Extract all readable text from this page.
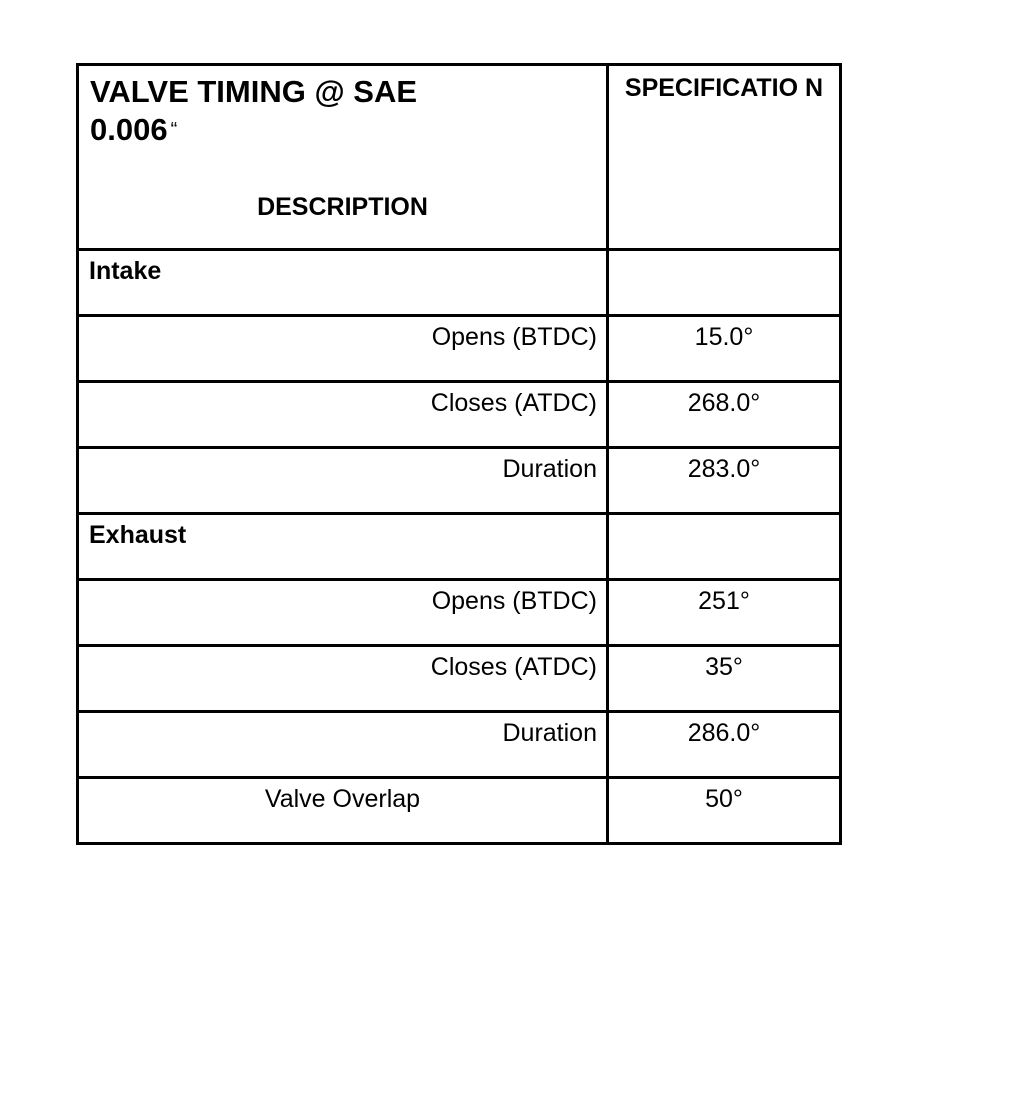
VALVE TIMING @ SAE
0.006 “
DESCRIPTION	SPECIFICATIO N

Intake	

Opens (BTDC)	15.0°

Closes (ATDC)	268.0°

Duration	283.0°

Exhaust	

Opens (BTDC)	251°

Closes (ATDC)	35°

Duration	286.0°

Valve Overlap	50°
